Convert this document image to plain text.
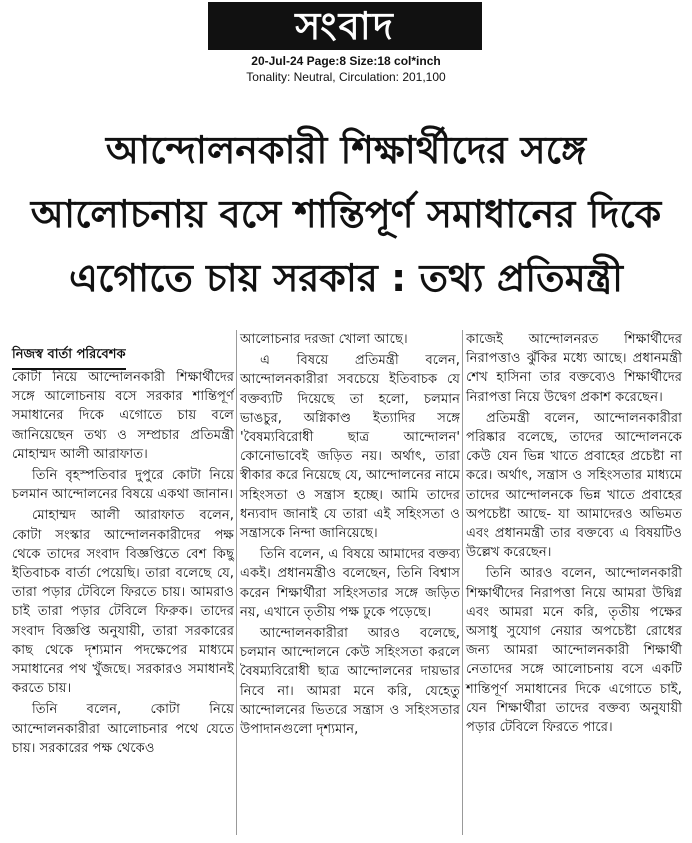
সংবাদ
20-Jul-24 Page:8 Size:18 col*inch
Tonality: Neutral, Circulation: 201,100
আন্দোলনকারী শিক্ষার্থীদের সঙ্গে
আলোচনায় বসে শান্তিপূর্ণ সমাধানের দিকে
এগোতে চায় সরকার : তথ্য প্রতিমন্ত্রী
নিজস্ব বার্তা পরিবেশক

কোটা নিয়ে আন্দোলনকারী শিক্ষার্থীদের সঙ্গে আলোচনায় বসে সরকার শান্তিপূর্ণ সমাধানের দিকে এগোতে চায় বলে জানিয়েছেন তথ্য ও সম্প্রচার প্রতিমন্ত্রী মোহাম্মদ আলী আরাফাত।

তিনি বৃহস্পতিবার দুপুরে কোটা নিয়ে চলমান আন্দোলনের বিষয়ে একথা জানান।

মোহাম্মদ আলী আরাফাত বলেন, কোটা সংস্কার আন্দোলনকারীদের পক্ষ থেকে তাদের সংবাদ বিজ্ঞপ্তিতে বেশ কিছু ইতিবাচক বার্তা পেয়েছি। তারা বলেছে যে, তারা পড়ার টেবিলে ফিরতে চায়। আমরাও চাই তারা পড়ার টেবিলে ফিরুক। তাদের সংবাদ বিজ্ঞপ্তি অনুযায়ী, তারা সরকারের কাছ থেকে দৃশ্যমান পদক্ষেপের মাধ্যমে সমাধানের পথ খুঁজছে। সরকারও সমাধানই করতে চায়।

তিনি বলেন, কোটা নিয়ে আন্দোলনকারীরা আলোচনার পথে যেতে চায়। সরকারের পক্ষ থেকেও

আলোচনার দরজা খোলা আছে।

এ বিষয়ে প্রতিমন্ত্রী বলেন, আন্দোলনকারীরা সবচেয়ে ইতিবাচক যে বক্তব্যটি দিয়েছে তা হলো, চলমান ভাঙচুর, অগ্নিকাণ্ড ইত্যাদির সঙ্গে 'বৈষম্যবিরোধী ছাত্র আন্দোলন' কোনোভাবেই জড়িত নয়। অর্থাৎ, তারা স্বীকার করে নিয়েছে যে, আন্দোলনের নামে সহিংসতা ও সন্ত্রাস হচ্ছে। আমি তাদের ধন্যবাদ জানাই যে তারা এই সহিংসতা ও সন্ত্রাসকে নিন্দা জানিয়েছে।

তিনি বলেন, এ বিষয়ে আমাদের বক্তব্য একই। প্রধানমন্ত্রীও বলেছেন, তিনি বিশ্বাস করেন শিক্ষার্থীরা সহিংসতার সঙ্গে জড়িত নয়, এখানে তৃতীয় পক্ষ ঢুকে পড়েছে।

আন্দোলনকারীরা আরও বলেছে, চলমান আন্দোলনে কেউ সহিংসতা করলে বৈষম্যবিরোধী ছাত্র আন্দোলনের দায়ভার নিবে না। আমরা মনে করি, যেহেতু আন্দোলনের ভিতরে সন্ত্রাস ও সহিংসতার উপাদানগুলো দৃশ্যমান,

কাজেই আন্দোলনরত শিক্ষার্থীদের নিরাপত্তাও ঝুঁকির মধ্যে আছে। প্রধানমন্ত্রী শেখ হাসিনা তার বক্তব্যেও শিক্ষার্থীদের নিরাপত্তা নিয়ে উদ্বেগ প্রকাশ করেছেন।

প্রতিমন্ত্রী বলেন, আন্দোলনকারীরা পরিষ্কার বলেছে, তাদের আন্দোলনকে কেউ যেন ভিন্ন খাতে প্রবাহের প্রচেষ্টা না করে। অর্থাৎ, সন্ত্রাস ও সহিংসতার মাধ্যমে তাদের আন্দোলনকে ভিন্ন খাতে প্রবাহের অপচেষ্টা আছে- যা আমাদেরও অভিমত এবং প্রধানমন্ত্রী তার বক্তব্যে এ বিষয়টিও উল্লেখ করেছেন।

তিনি আরও বলেন, আন্দোলনকারী শিক্ষার্থীদের নিরাপত্তা নিয়ে আমরা উদ্বিগ্ন এবং আমরা মনে করি, তৃতীয় পক্ষের অসাধু সুযোগ নেয়ার অপচেষ্টা রোধের জন্য আমরা আন্দোলনকারী শিক্ষার্থী নেতাদের সঙ্গে আলোচনায় বসে একটি শান্তিপূর্ণ সমাধানের দিকে এগোতে চাই, যেন শিক্ষার্থীরা তাদের বক্তব্য অনুযায়ী পড়ার টেবিলে ফিরতে পারে।
